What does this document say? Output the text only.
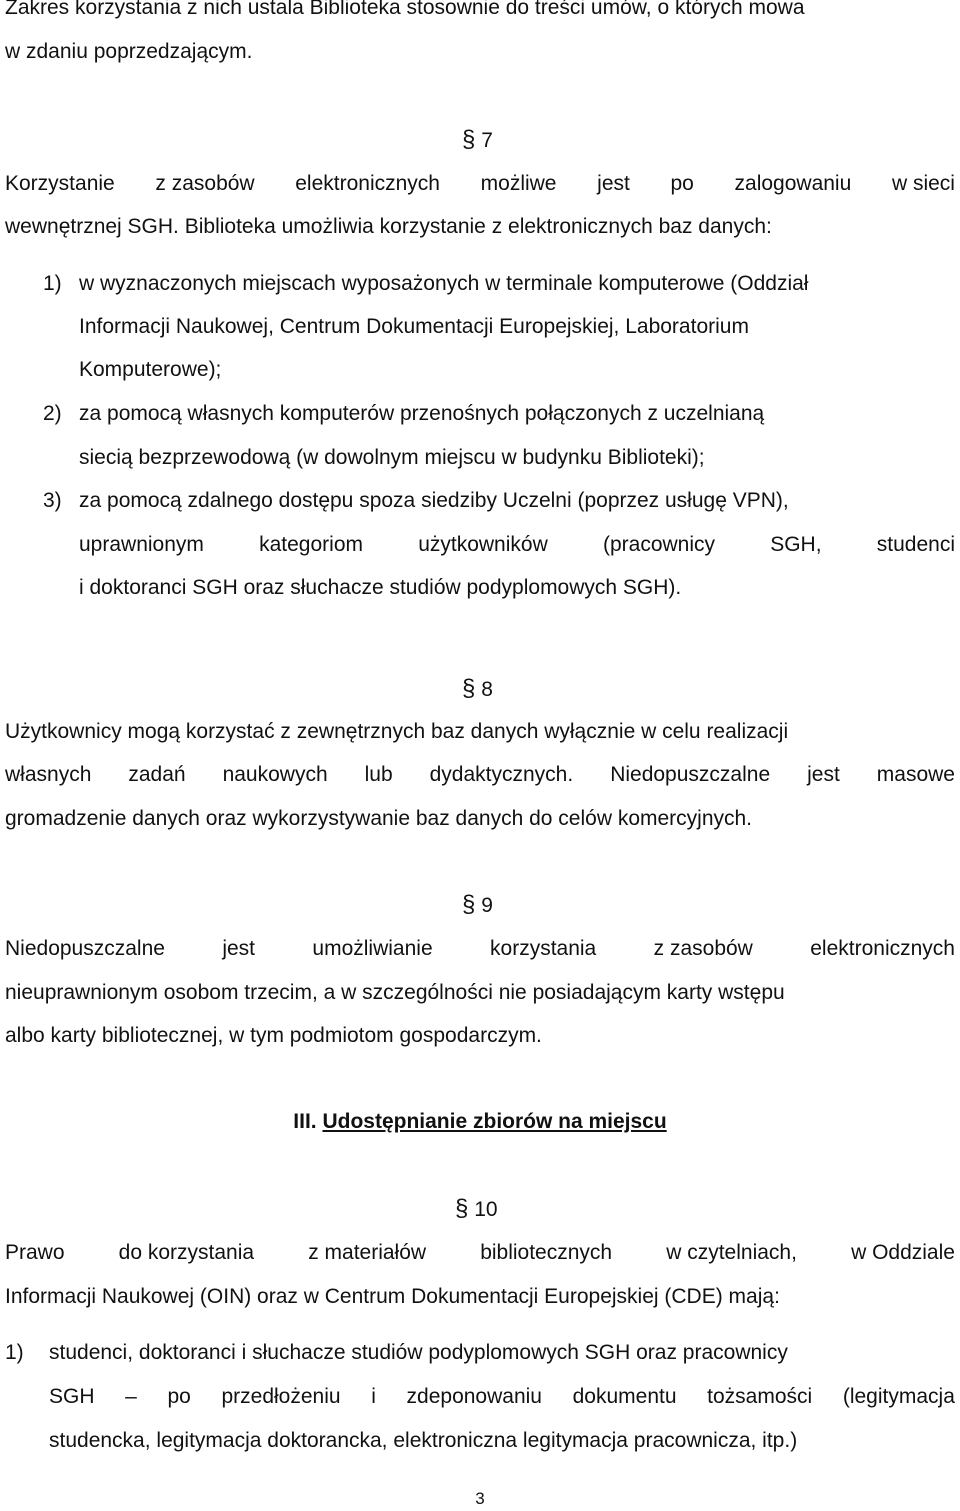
Zakres korzystania z nich ustala Biblioteka stosownie do treści umów, o których mowa
w zdaniu poprzedzającym.
§ 7
Korzystanie z zasobów elektronicznych możliwe jest po zalogowaniu w sieci
wewnętrznej SGH. Biblioteka umożliwia korzystanie z elektronicznych baz danych:
1) w wyznaczonych miejscach wyposażonych w terminale komputerowe (Oddział
Informacji Naukowej, Centrum Dokumentacji Europejskiej, Laboratorium
Komputerowe);
2) za pomocą własnych komputerów przenośnych połączonych z uczelnianą
siecią bezprzewodową (w dowolnym miejscu w budynku Biblioteki);
3) za pomocą zdalnego dostępu spoza siedziby Uczelni (poprzez usługę VPN),
uprawnionym	kategoriom	użytkowników	(pracownicy	SGH,	studenci
i doktoranci SGH oraz słuchacze studiów podyplomowych SGH).
§ 8
Użytkownicy mogą korzystać z zewnętrznych baz danych wyłącznie w celu realizacji
własnych zadań naukowych lub dydaktycznych. Niedopuszczalne jest masowe
gromadzenie danych oraz wykorzystywanie baz danych do celów komercyjnych.
§ 9
Niedopuszczalne	jest	umożliwianie	korzystania	z zasobów	elektronicznych
nieuprawnionym osobom trzecim, a w szczególności nie posiadającym karty wstępu
albo karty bibliotecznej, w tym podmiotom gospodarczym.
III. Udostępnianie zbiorów na miejscu
§ 10
Prawo	do korzystania	z materiałów	bibliotecznych	w czytelniach,	w Oddziale
Informacji Naukowej (OIN) oraz w Centrum Dokumentacji Europejskiej (CDE) mają:
1) studenci, doktoranci i słuchacze studiów podyplomowych SGH oraz pracownicy
SGH – po przedłożeniu i zdeponowaniu dokumentu tożsamości (legitymacja
studencka, legitymacja doktorancka, elektroniczna legitymacja pracownicza, itp.)
3
